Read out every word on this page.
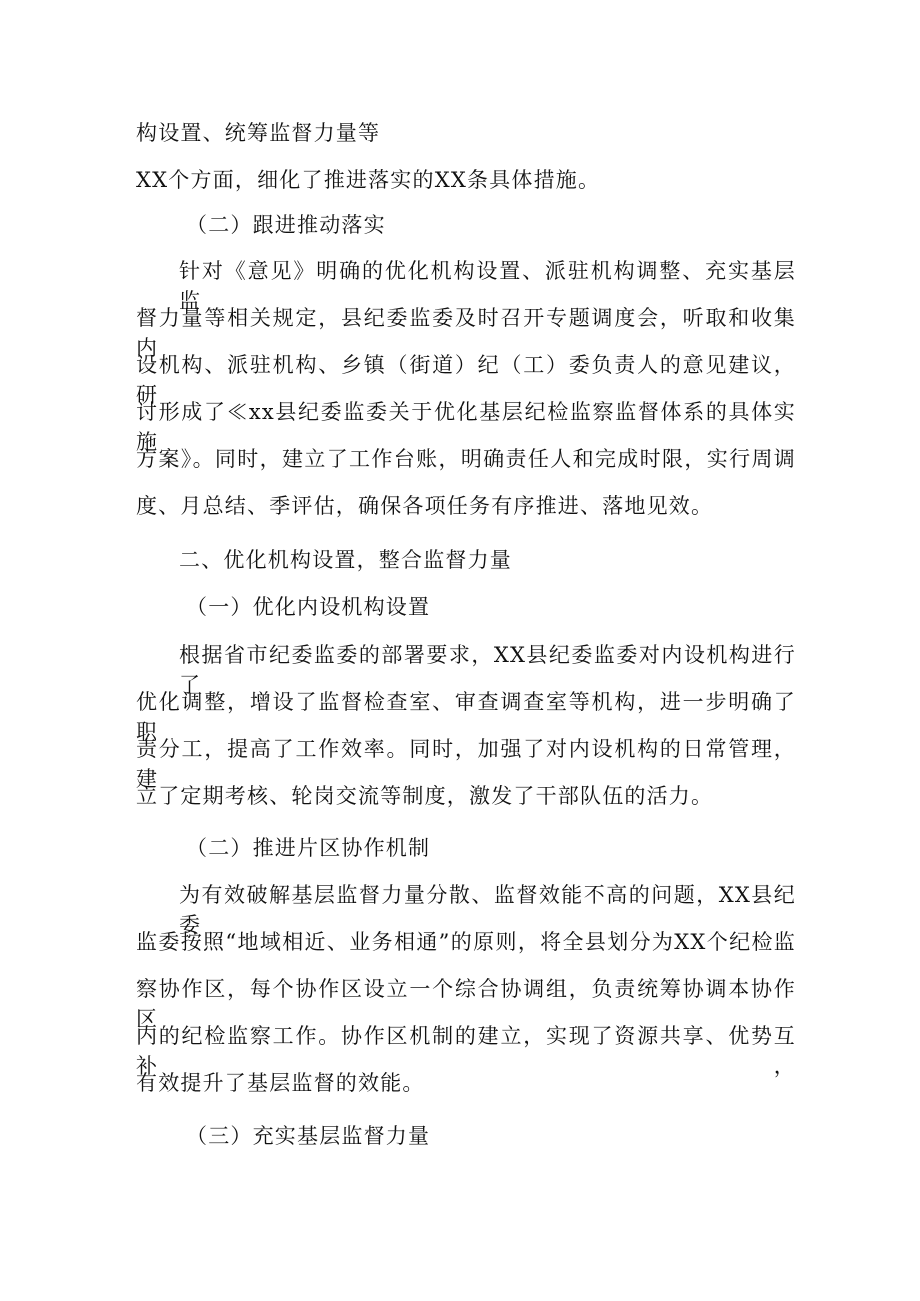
构设置、统筹监督力量等
XX个方面，细化了推进落实的XX条具体措施。
（二）跟进推动落实
针对《意见》明确的优化机构设置、派驻机构调整、充实基层监
督力量等相关规定，县纪委监委及时召开专题调度会，听取和收集内
设机构、派驻机构、乡镇（街道）纪（工）委负责人的意见建议，研
讨形成了≪xx县纪委监委关于优化基层纪检监察监督体系的具体实施
方案》。同时，建立了工作台账，明确责任人和完成时限，实行周调
度、月总结、季评估，确保各项任务有序推进、落地见效。
二、优化机构设置，整合监督力量
（一）优化内设机构设置
根据省市纪委监委的部署要求，XX县纪委监委对内设机构进行了
优化调整，增设了监督检查室、审查调查室等机构，进一步明确了职
责分工，提高了工作效率。同时，加强了对内设机构的日常管理，建
立了定期考核、轮岗交流等制度，激发了干部队伍的活力。
（二）推进片区协作机制
为有效破解基层监督力量分散、监督效能不高的问题，XX县纪委
监委按照“地域相近、业务相通”的原则，将全县划分为XX个纪检监
察协作区，每个协作区设立一个综合协调组，负责统筹协调本协作区
内的纪检监察工作。协作区机制的建立，实现了资源共享、优势互补，
有效提升了基层监督的效能。
（三）充实基层监督力量
